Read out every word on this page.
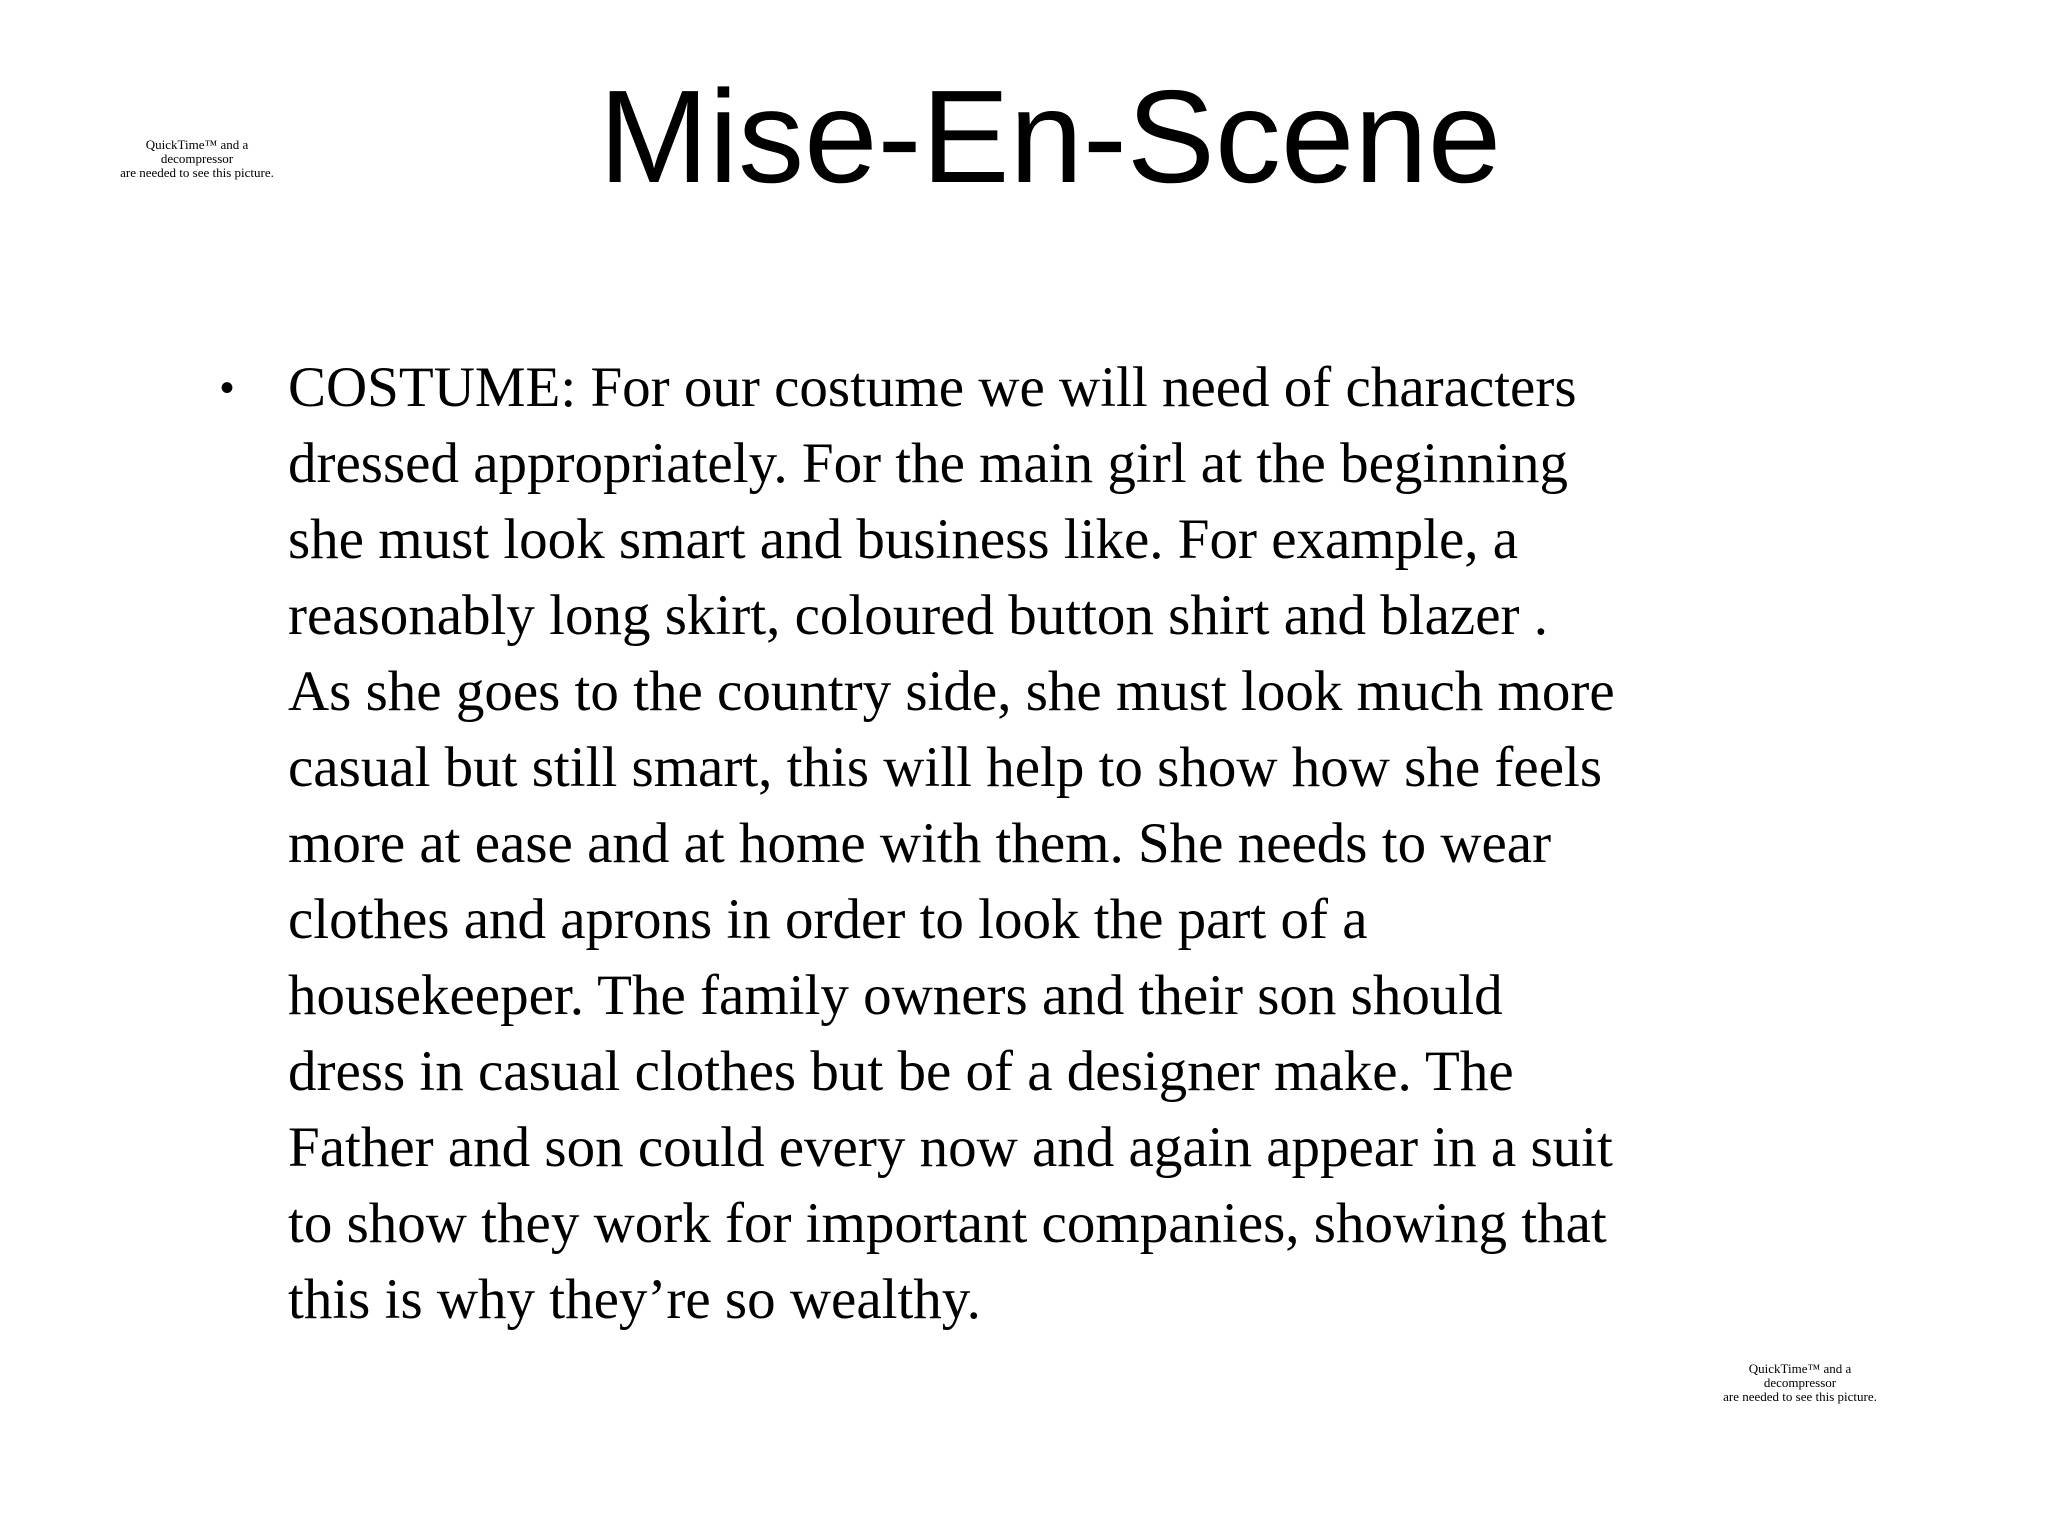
QuickTime™ and a
decompressor
are needed to see this picture.	Mise-En-Scene
• COSTUME: For our costume we will need of characters
dressed appropriately. For the main girl at the beginning
she must look smart and business like. For example, a
reasonably long skirt, coloured button shirt and blazer .
As she goes to the country side, she must look much more
casual but still smart, this will help to show how she feels
more at ease and at home with them. She needs to wear
clothes and aprons in order to look the part of a
housekeeper. The family owners and their son should
dress in casual clothes but be of a designer make. The
Father and son could every now and again appear in a suit
to show they work for important companies, showing that
this is why they’re so wealthy.
QuickTime™ and a
decompressor
are needed to see this picture.
